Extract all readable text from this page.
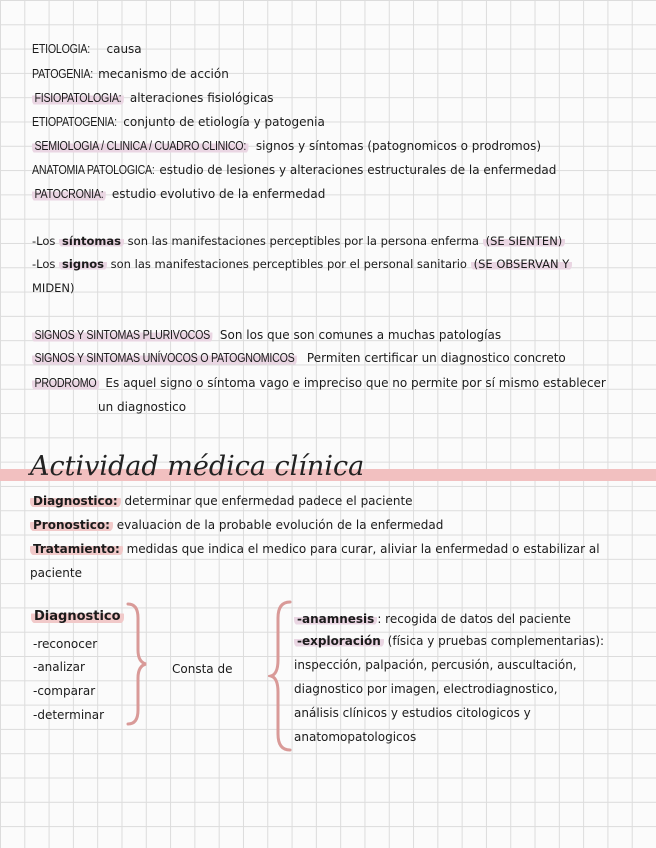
ETIOLOGIA: causa
PATOGENIA: mecanismo de acción
FISIOPATOLOGIA: alteraciones fisiológicas
ETIOPATOGENIA: conjunto de etiología y patogenia
SEMIOLOGIA / CLINICA / CUADRO CLINICO: signos y síntomas (patognomicos o prodromos)
ANATOMIA PATOLOGICA: estudio de lesiones y alteraciones estructurales de la enfermedad
PATOCRONIA: estudio evolutivo de la enfermedad
-Los síntomas son las manifestaciones perceptibles por la persona enferma (SE SIENTEN)
-Los signos son las manifestaciones perceptibles por el personal sanitario (SE OBSERVAN Y
MIDEN)
SIGNOS Y SINTOMAS PLURIVOCOS Son los que son comunes a muchas patologías
SIGNOS Y SINTOMAS UNÍVOCOS O PATOGNOMICOS Permiten certificar un diagnostico concreto
PRODROMO Es aquel signo o síntoma vago e impreciso que no permite por sí mismo establecer
un diagnostico
Actividad médica clínica
Diagnostico: determinar que enfermedad padece el paciente
Pronostico: evaluacion de la probable evolución de la enfermedad
Tratamiento: medidas que indica el medico para curar, aliviar la enfermedad o estabilizar al
paciente
Diagnostico
-reconocer
-analizar
-comparar
-determinar
Consta de
-anamnesis : recogida de datos del paciente
-exploración (física y pruebas complementarias):
inspección, palpación, percusión, auscultación,
diagnostico por imagen, electrodiagnostico,
análisis clínicos y estudios citologicos y
anatomopatologicos
